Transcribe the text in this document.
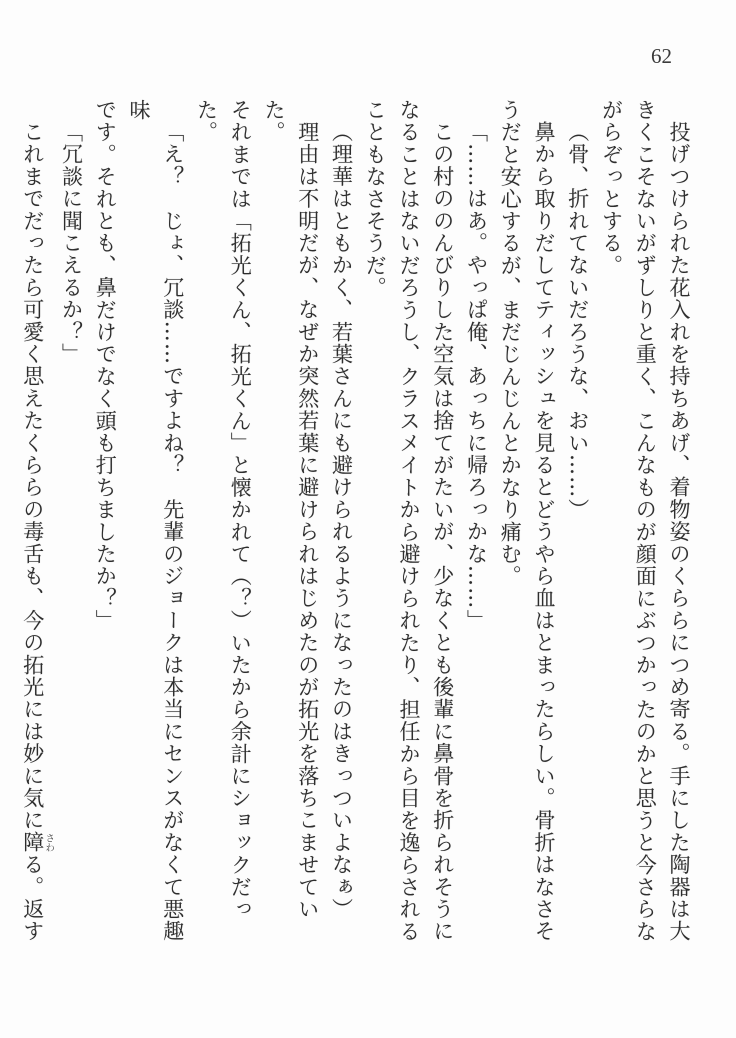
62

投げつけられた花入れを持ちあげ、着物姿のくららにつめ寄る。手にした陶器は大

きくこそないがずしりと重く、こんなものが顔面にぶつかったのかと思うと今さらな

がらぞっとする。

（骨、折れてないだろうな、おい……）

鼻から取りだしてティッシュを見るとどうやら血はとまったらしい。骨折はなさそ

うだと安心するが、まだじんじんとかなり痛む。

「……はあ。やっぱ俺、あっちに帰ろっかな……」

この村ののんびりした空気は捨てがたいが、少なくとも後輩に鼻骨を折られそうに

なることはないだろうし、クラスメイトから避けられたり、担任から目を逸らされる

こともなさそうだ。

（理華はともかく、若葉さんにも避けられるようになったのはきっついよなぁ）

理由は不明だが、なぜか突然若葉に避けられはじめたのが拓光を落ちこませていた。

それまでは「拓光くん、拓光くん」と懐かれて（？）いたから余計にショックだった。

「え？　じょ、冗談……ですよね？　先輩のジョークは本当にセンスがなくて悪趣味

です。それとも、鼻だけでなく頭も打ちましたか？」

「冗談に聞こえるか？」

これまでだったら可愛く思えたくららの毒舌も、今の拓光には妙に気に障さわる。返す
